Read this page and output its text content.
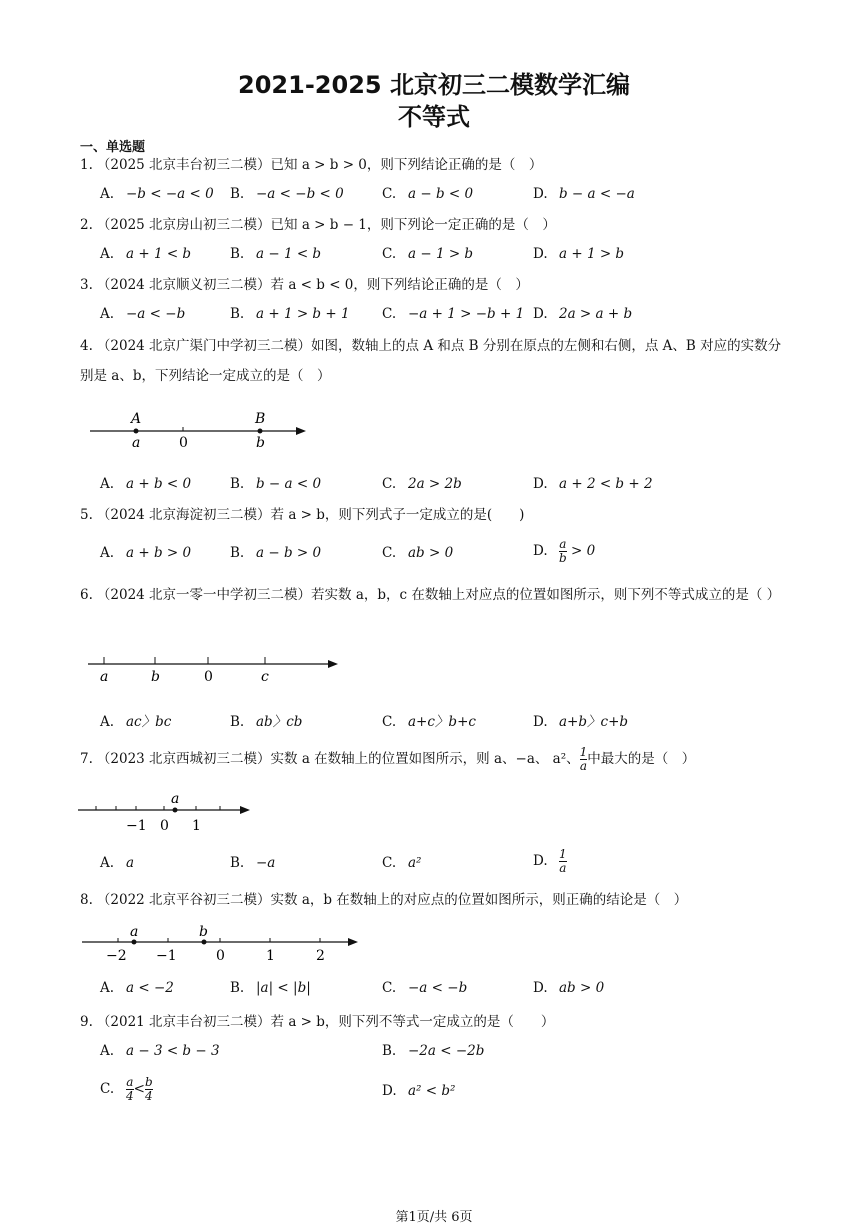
2021-2025 北京初三二模数学汇编
不等式
一、单选题
1. （2025 北京丰台初三二模）已知 a > b > 0，则下列结论正确的是（　）
A. −b < −a < 0 B. −a < −b < 0	C. a − b < 0	D. b − a < −a
2. （2025 北京房山初三二模）已知 a > b − 1，则下列论一定正确的是（　）
A. a + 1 < b	B. a − 1 < b	C. a − 1 > b	D. a + 1 > b
3. （2024 北京顺义初三二模）若 a < b < 0，则下列结论正确的是（　）
A. −a < −b	B. a + 1 > b + 1 C. −a + 1 > −b + 1 D. 2a > a + b
4. （2024 北京广渠门中学初三二模）如图，数轴上的点 A 和点 B 分别在原点的左侧和右侧，点 A、B 对应的实数分别是 a、b，下列结论一定成立的是（　）
A
a	0
B
b
A. a + b < 0	B. b − a < 0	C. 2a > 2b	D. a + 2 < b + 2
5. （2024 北京海淀初三二模）若 a > b，则下列式子一定成立的是(　　)
A. a + b > 0	B. a − b > 0	C. ab > 0	D. $\frac{a}{b} > 0$
6. （2024 北京一零一中学初三二模）若实数 a，b，c 在数轴上对应点的位置如图所示，则下列不等式成立的是（ ）
a	b	0	c
A. ac〉bc	B. ab〉cb	C. a+c〉b+c	D. a+b〉c+b
7. （2023 北京西城初三二模）实数 a 在数轴上的位置如图所示，则 a、−a、 a²、 $\frac{1}{a}$ 中最大的是（　）
a
−1 0 1
A. a	B. −a	C. a²	D. $\frac{1}{a}$
8. （2022 北京平谷初三二模）实数 a，b 在数轴上的对应点的位置如图所示，则正确的结论是（　）
a	b
−2 −1	0	1	2
A. a < −2	B. |a| < |b|	C. −a < −b	D. ab > 0
9. （2021 北京丰台初三二模）若 a > b，则下列不等式一定成立的是（　　）
A. a − 3 < b − 3	B. −2a < −2b
C. $\frac{a}{4} < \frac{b}{4}$	D. a² < b²
第1页/共 6页
